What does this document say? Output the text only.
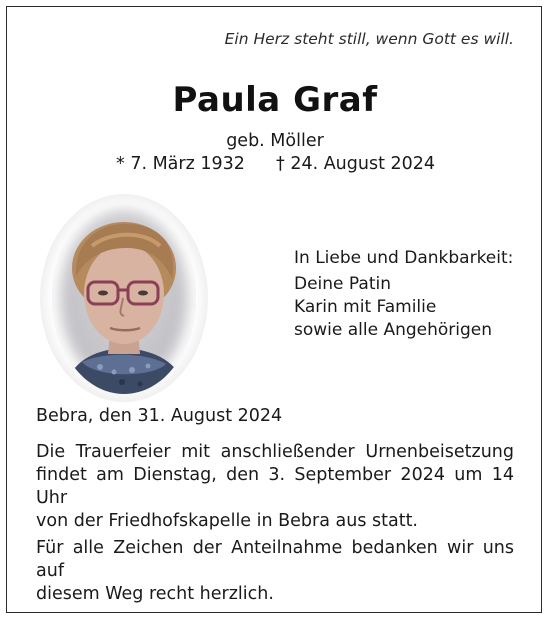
Ein Herz steht still, wenn Gott es will.
Paula Graf
geb. Möller
* 7. März 1932 † 24. August 2024
In Liebe und Dankbarkeit:
Deine Patin
Karin mit Familie
sowie alle Angehörigen
Bebra, den 31. August 2024
Die Trauerfeier mit anschließender Urnenbeisetzung
findet am Dienstag, den 3. September 2024 um 14 Uhr
von der Friedhofskapelle in Bebra aus statt.
Für alle Zeichen der Anteilnahme bedanken wir uns auf
diesem Weg recht herzlich.
